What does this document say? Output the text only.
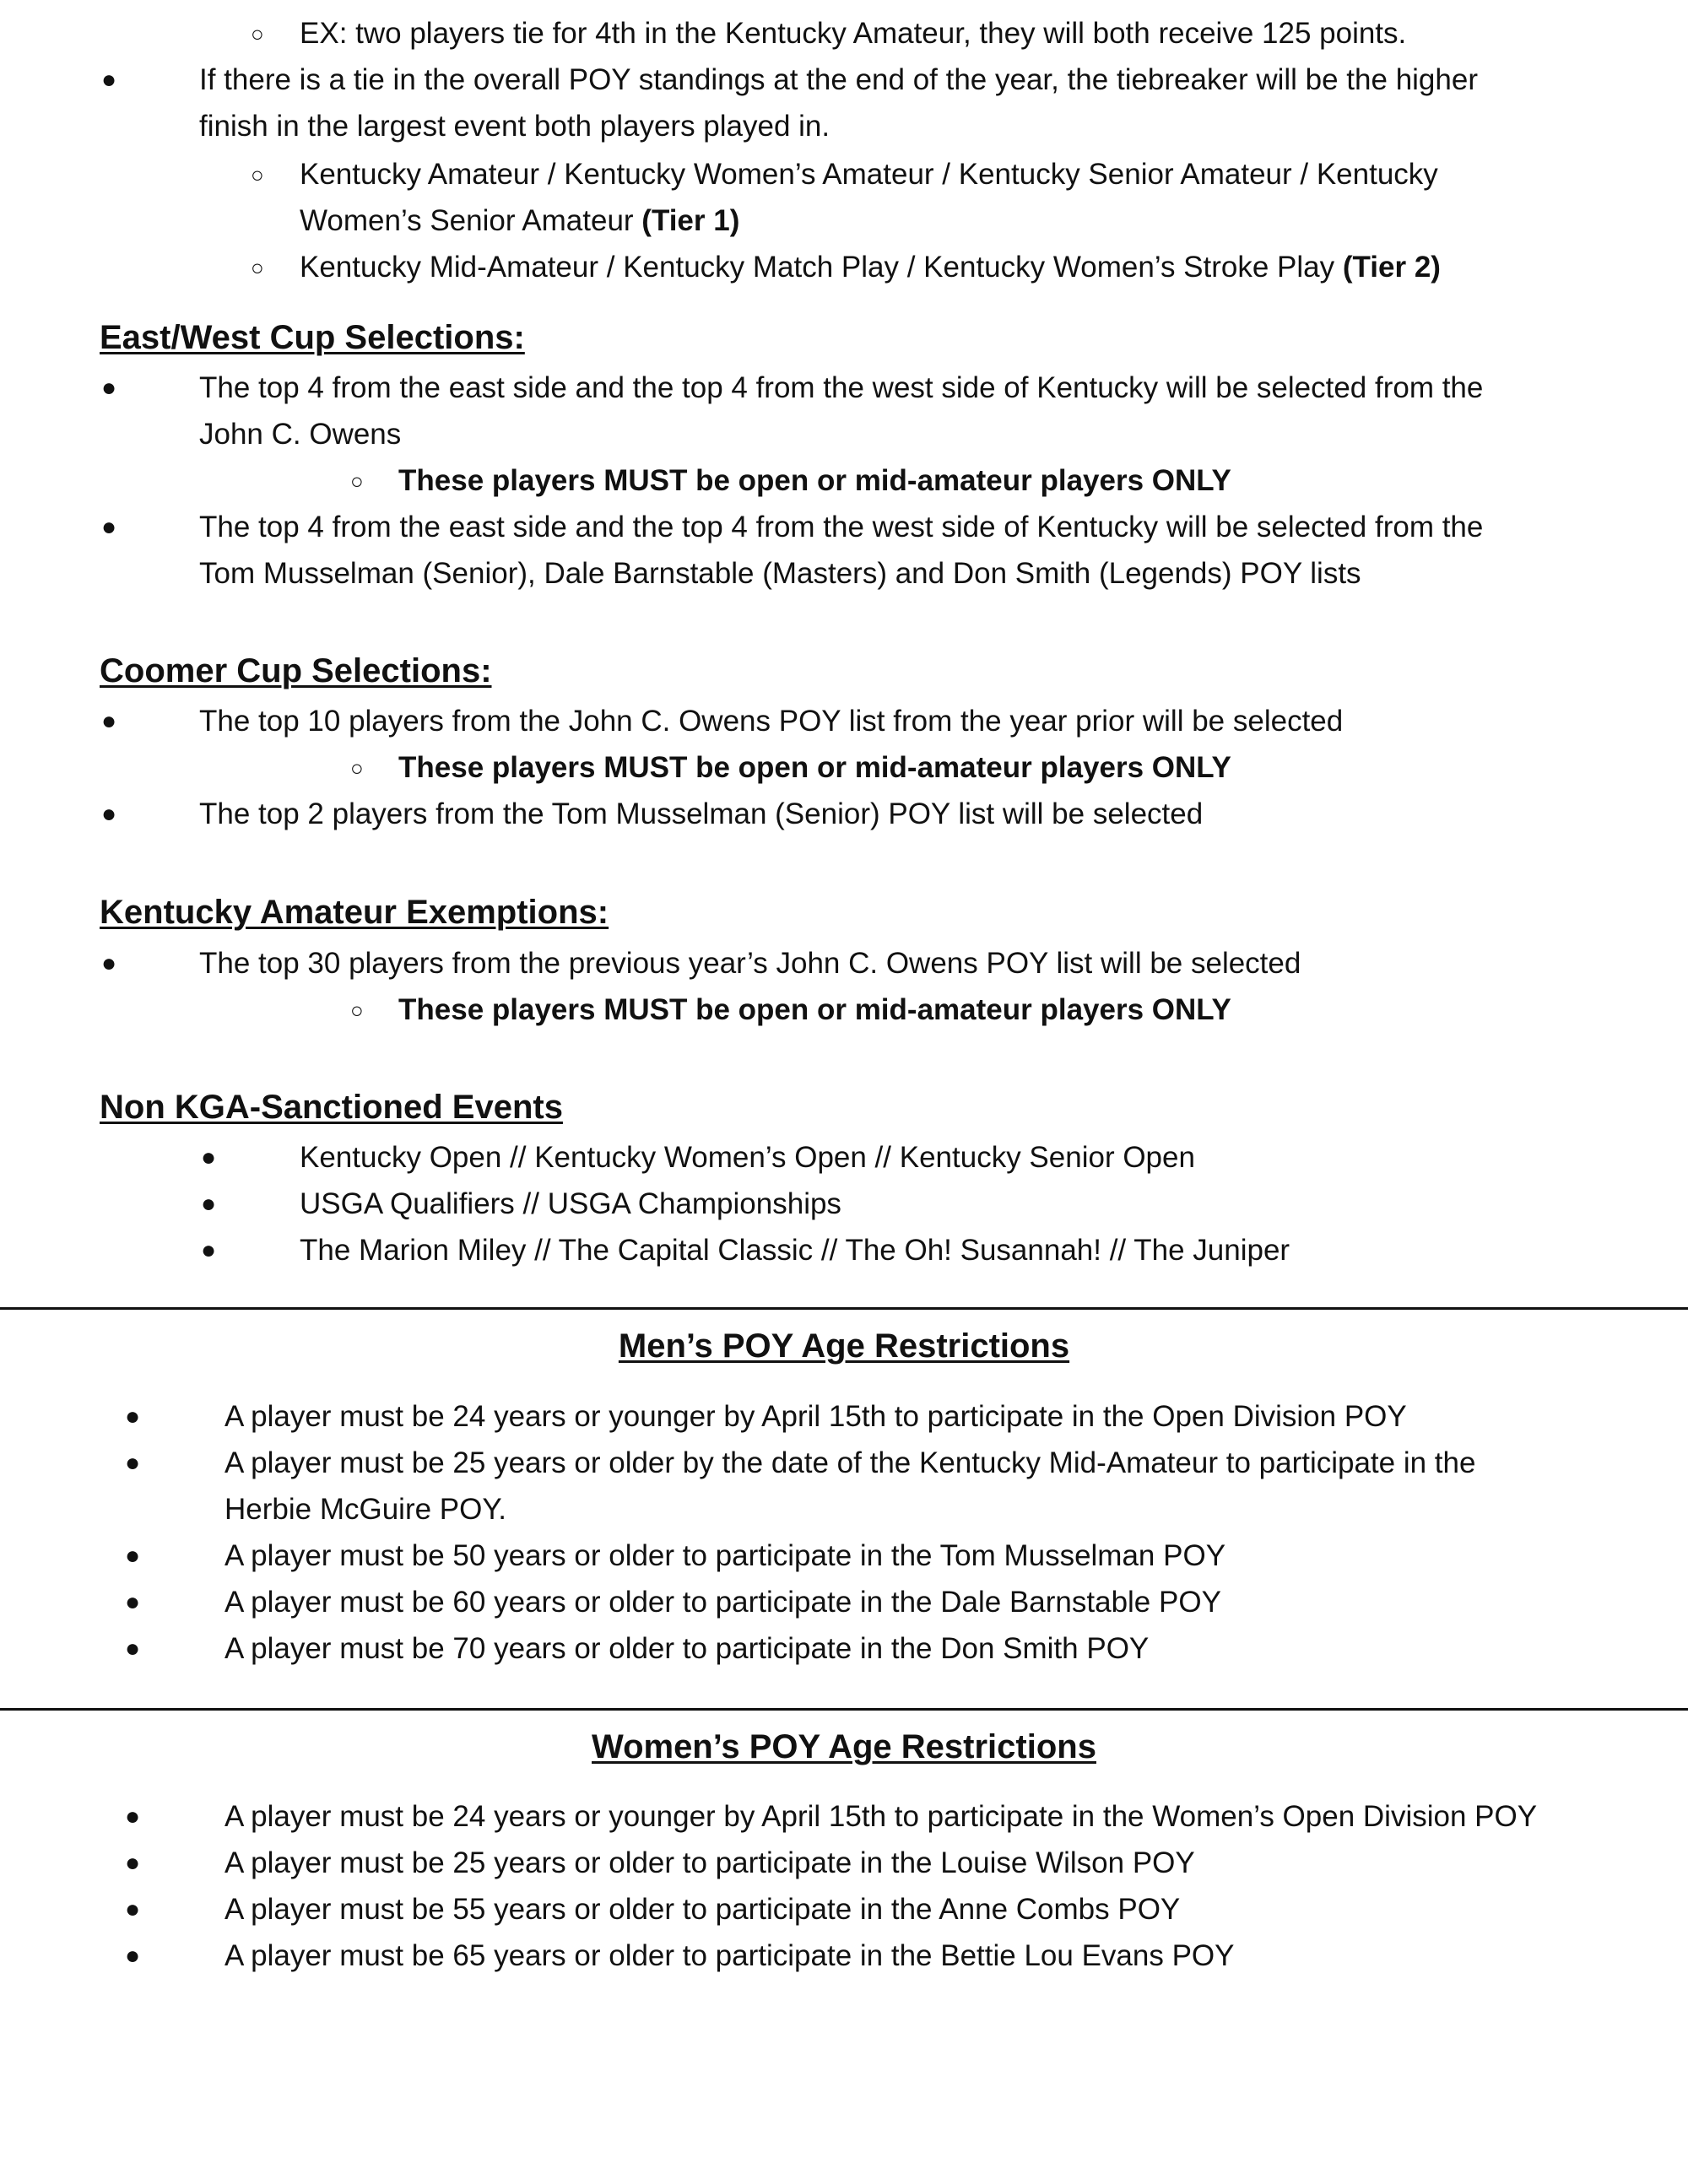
○ EX: two players tie for 4th in the Kentucky Amateur, they will both receive 125 points.
●	If there is a tie in the overall POY standings at the end of the year, the tiebreaker will be the higher
finish in the largest event both players played in.
○ Kentucky Amateur / Kentucky Women’s Amateur / Kentucky Senior Amateur / Kentucky
Women’s Senior Amateur (Tier 1)
○ Kentucky Mid-Amateur / Kentucky Match Play / Kentucky Women’s Stroke Play (Tier 2)
East/West Cup Selections:
●	The top 4 from the east side and the top 4 from the west side of Kentucky will be selected from the
John C. Owens
○ These players MUST be open or mid-amateur players ONLY
●	The top 4 from the east side and the top 4 from the west side of Kentucky will be selected from the
Tom Musselman (Senior), Dale Barnstable (Masters) and Don Smith (Legends) POY lists
Coomer Cup Selections:
●	The top 10 players from the John C. Owens POY list from the year prior will be selected
○ These players MUST be open or mid-amateur players ONLY
●	The top 2 players from the Tom Musselman (Senior) POY list will be selected
Kentucky Amateur Exemptions:
●	The top 30 players from the previous year’s John C. Owens POY list will be selected
○ These players MUST be open or mid-amateur players ONLY
Non KGA-Sanctioned Events
●	Kentucky Open // Kentucky Women’s Open // Kentucky Senior Open
●	USGA Qualifiers // USGA Championships
●	The Marion Miley // The Capital Classic // The Oh! Susannah! // The Juniper
Men’s POY Age Restrictions
●	A player must be 24 years or younger by April 15th to participate in the Open Division POY
●	A player must be 25 years or older by the date of the Kentucky Mid-Amateur to participate in the
Herbie McGuire POY.
●	A player must be 50 years or older to participate in the Tom Musselman POY
●	A player must be 60 years or older to participate in the Dale Barnstable POY
●	A player must be 70 years or older to participate in the Don Smith POY
Women’s POY Age Restrictions
●	A player must be 24 years or younger by April 15th to participate in the Women’s Open Division POY
●	A player must be 25 years or older to participate in the Louise Wilson POY
●	A player must be 55 years or older to participate in the Anne Combs POY
●	A player must be 65 years or older to participate in the Bettie Lou Evans POY
